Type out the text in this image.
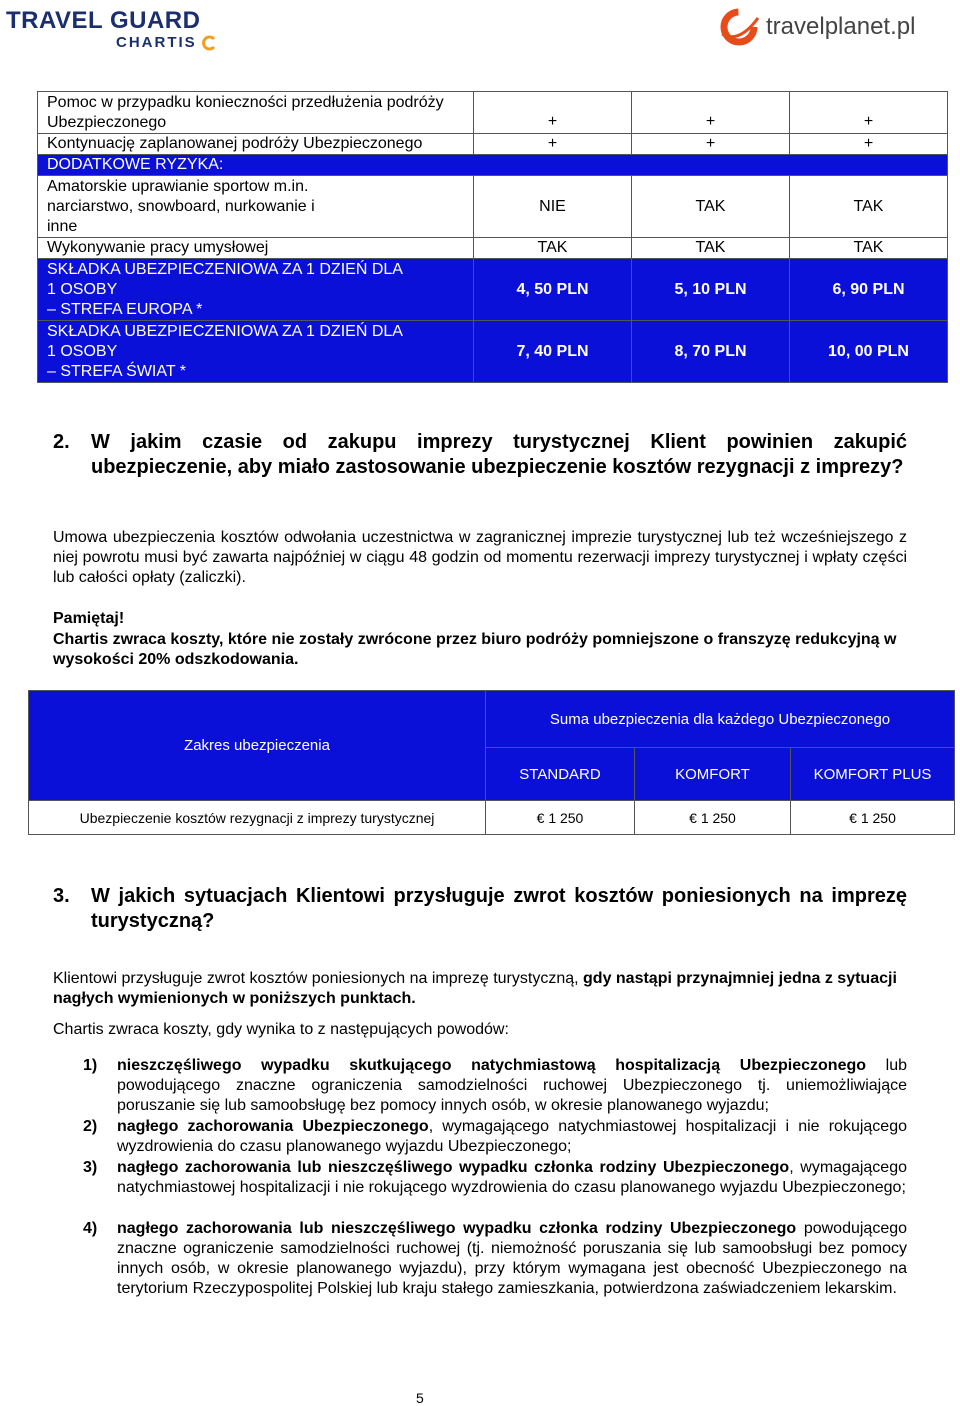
TRAVEL GUARD
CHARTIS
travelplanet.pl
Pomoc w przypadku konieczności przedłużenia podróży Ubezpieczonego	+	+	+
Kontynuację zaplanowanej podróży Ubezpieczonego	+	+	+
DODATKOWE RYZYKA:			
Amatorskie uprawianie sportow m.in. narciarstwo, snowboard, nurkowanie i inne	NIE	TAK	TAK
Wykonywanie pracy umysłowej	TAK	TAK	TAK

SKŁADKA UBEZPIECZENIOWA ZA 1 DZIEŃ DLA
1 OSOBY
– STREFA EUROPA *	4, 50 PLN	5, 10 PLN	6, 90 PLN

SKŁADKA UBEZPIECZENIOWA ZA 1 DZIEŃ DLA
1 OSOBY
– STREFA ŚWIAT *	7, 40 PLN	8, 70 PLN	10, 00 PLN
2. W jakim czasie od zakupu imprezy turystycznej Klient powinien zakupić ubezpieczenie, aby miało zastosowanie ubezpieczenie kosztów rezygnacji z imprezy?
Umowa ubezpieczenia kosztów odwołania uczestnictwa w zagranicznej imprezie turystycznej lub też wcześniejszego z niej powrotu musi być zawarta najpóźniej w ciągu 48 godzin od momentu rezerwacji imprezy turystycznej i wpłaty części lub całości opłaty (zaliczki).
Pamiętaj!
Chartis zwraca koszty, które nie zostały zwrócone przez biuro podróży pomniejszone o franszyzę redukcyjną w wysokości 20% odszkodowania.
Zakres ubezpieczenia	Suma ubezpieczenia dla każdego Ubezpieczonego		
	STANDARD	KOMFORT	KOMFORT PLUS
Ubezpieczenie kosztów rezygnacji z imprezy turystycznej	€ 1 250	€ 1 250	€ 1 250
3. W jakich sytuacjach Klientowi przysługuje zwrot kosztów poniesionych na imprezę turystyczną?
Klientowi przysługuje zwrot kosztów poniesionych na imprezę turystyczną, gdy nastąpi przynajmniej jedna z sytuacji nagłych wymienionych w poniższych punktach.
Chartis zwraca koszty, gdy wynika to z następujących powodów:
1) nieszczęśliwego wypadku skutkującego natychmiastową hospitalizacją Ubezpieczonego lub powodującego znaczne ograniczenia samodzielności ruchowej Ubezpieczonego tj. uniemożliwiające poruszanie się lub samoobsługę bez pomocy innych osób, w okresie planowanego wyjazdu;
2) nagłego zachorowania Ubezpieczonego, wymagającego natychmiastowej hospitalizacji i nie rokującego wyzdrowienia do czasu planowanego wyjazdu Ubezpieczonego;
3) nagłego zachorowania lub nieszczęśliwego wypadku członka rodziny Ubezpieczonego, wymagającego natychmiastowej hospitalizacji i nie rokującego wyzdrowienia do czasu planowanego wyjazdu Ubezpieczonego;
4) nagłego zachorowania lub nieszczęśliwego wypadku członka rodziny Ubezpieczonego powodującego znaczne ograniczenie samodzielności ruchowej (tj. niemożność poruszania się lub samoobsługi bez pomocy innych osób, w okresie planowanego wyjazdu), przy którym wymagana jest obecność Ubezpieczonego na terytorium Rzeczypospolitej Polskiej lub kraju stałego zamieszkania, potwierdzona zaświadczeniem lekarskim.
5
